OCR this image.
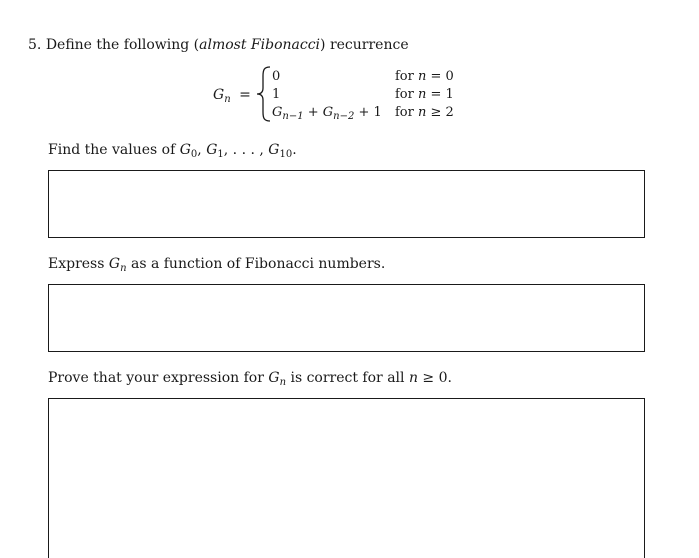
5. Define the following (almost Fibonacci) recurrence
$G_n$ =
0	for n = 0
1	for n = 1
$G_{n-1} + G_{n-2} + 1$ for n ≥ 2
Find the values of $G_0$, $G_1$, . . . , $G_{10}$.
Express $G_n$ as a function of Fibonacci numbers.
Prove that your expression for $G_n$ is correct for all n ≥ 0.
